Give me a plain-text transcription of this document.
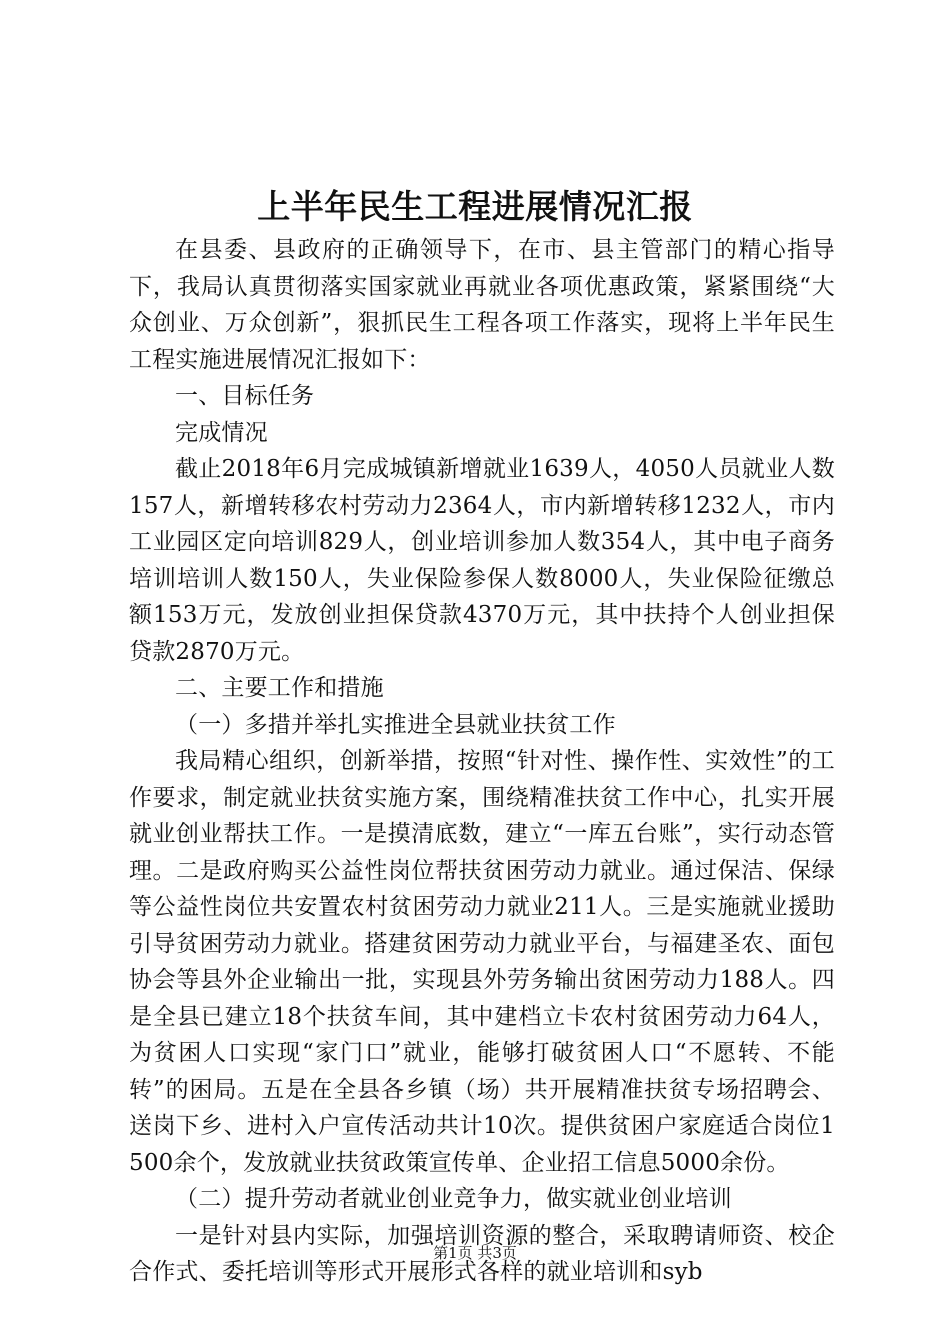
上半年民生工程进展情况汇报

在县委、县政府的正确领导下，在市、县主管部门的精心指导下，我局认真贯彻落实国家就业再就业各项优惠政策，紧紧围绕“大众创业、万众创新”，狠抓民生工程各项工作落实，现将上半年民生工程实施进展情况汇报如下：

一、目标任务

完成情况

截止2018年6月完成城镇新增就业1639人，4050人员就业人数157人，新增转移农村劳动力2364人，市内新增转移1232人，市内工业园区定向培训829人，创业培训参加人数354人，其中电子商务培训培训人数150人，失业保险参保人数8000人，失业保险征缴总额153万元，发放创业担保贷款4370万元，其中扶持个人创业担保贷款2870万元。

二、主要工作和措施

（一）多措并举扎实推进全县就业扶贫工作

我局精心组织，创新举措，按照“针对性、操作性、实效性”的工作要求，制定就业扶贫实施方案，围绕精准扶贫工作中心，扎实开展就业创业帮扶工作。一是摸清底数，建立“一库五台账”，实行动态管理。二是政府购买公益性岗位帮扶贫困劳动力就业。通过保洁、保绿等公益性岗位共安置农村贫困劳动力就业211人。三是实施就业援助引导贫困劳动力就业。搭建贫困劳动力就业平台，与福建圣农、面包协会等县外企业输出一批，实现县外劳务输出贫困劳动力188人。四是全县已建立18个扶贫车间，其中建档立卡农村贫困劳动力64人，为贫困人口实现“家门口”就业，能够打破贫困人口“不愿转、不能转”的困局。五是在全县各乡镇（场）共开展精准扶贫专场招聘会、送岗下乡、进村入户宣传活动共计10次。提供贫困户家庭适合岗位1500余个，发放就业扶贫政策宣传单、企业招工信息5000余份。

（二）提升劳动者就业创业竞争力，做实就业创业培训

一是针对县内实际，加强培训资源的整合，采取聘请师资、校企合作式、委托培训等形式开展形式各样的就业培训和syb

第1页 共3页
